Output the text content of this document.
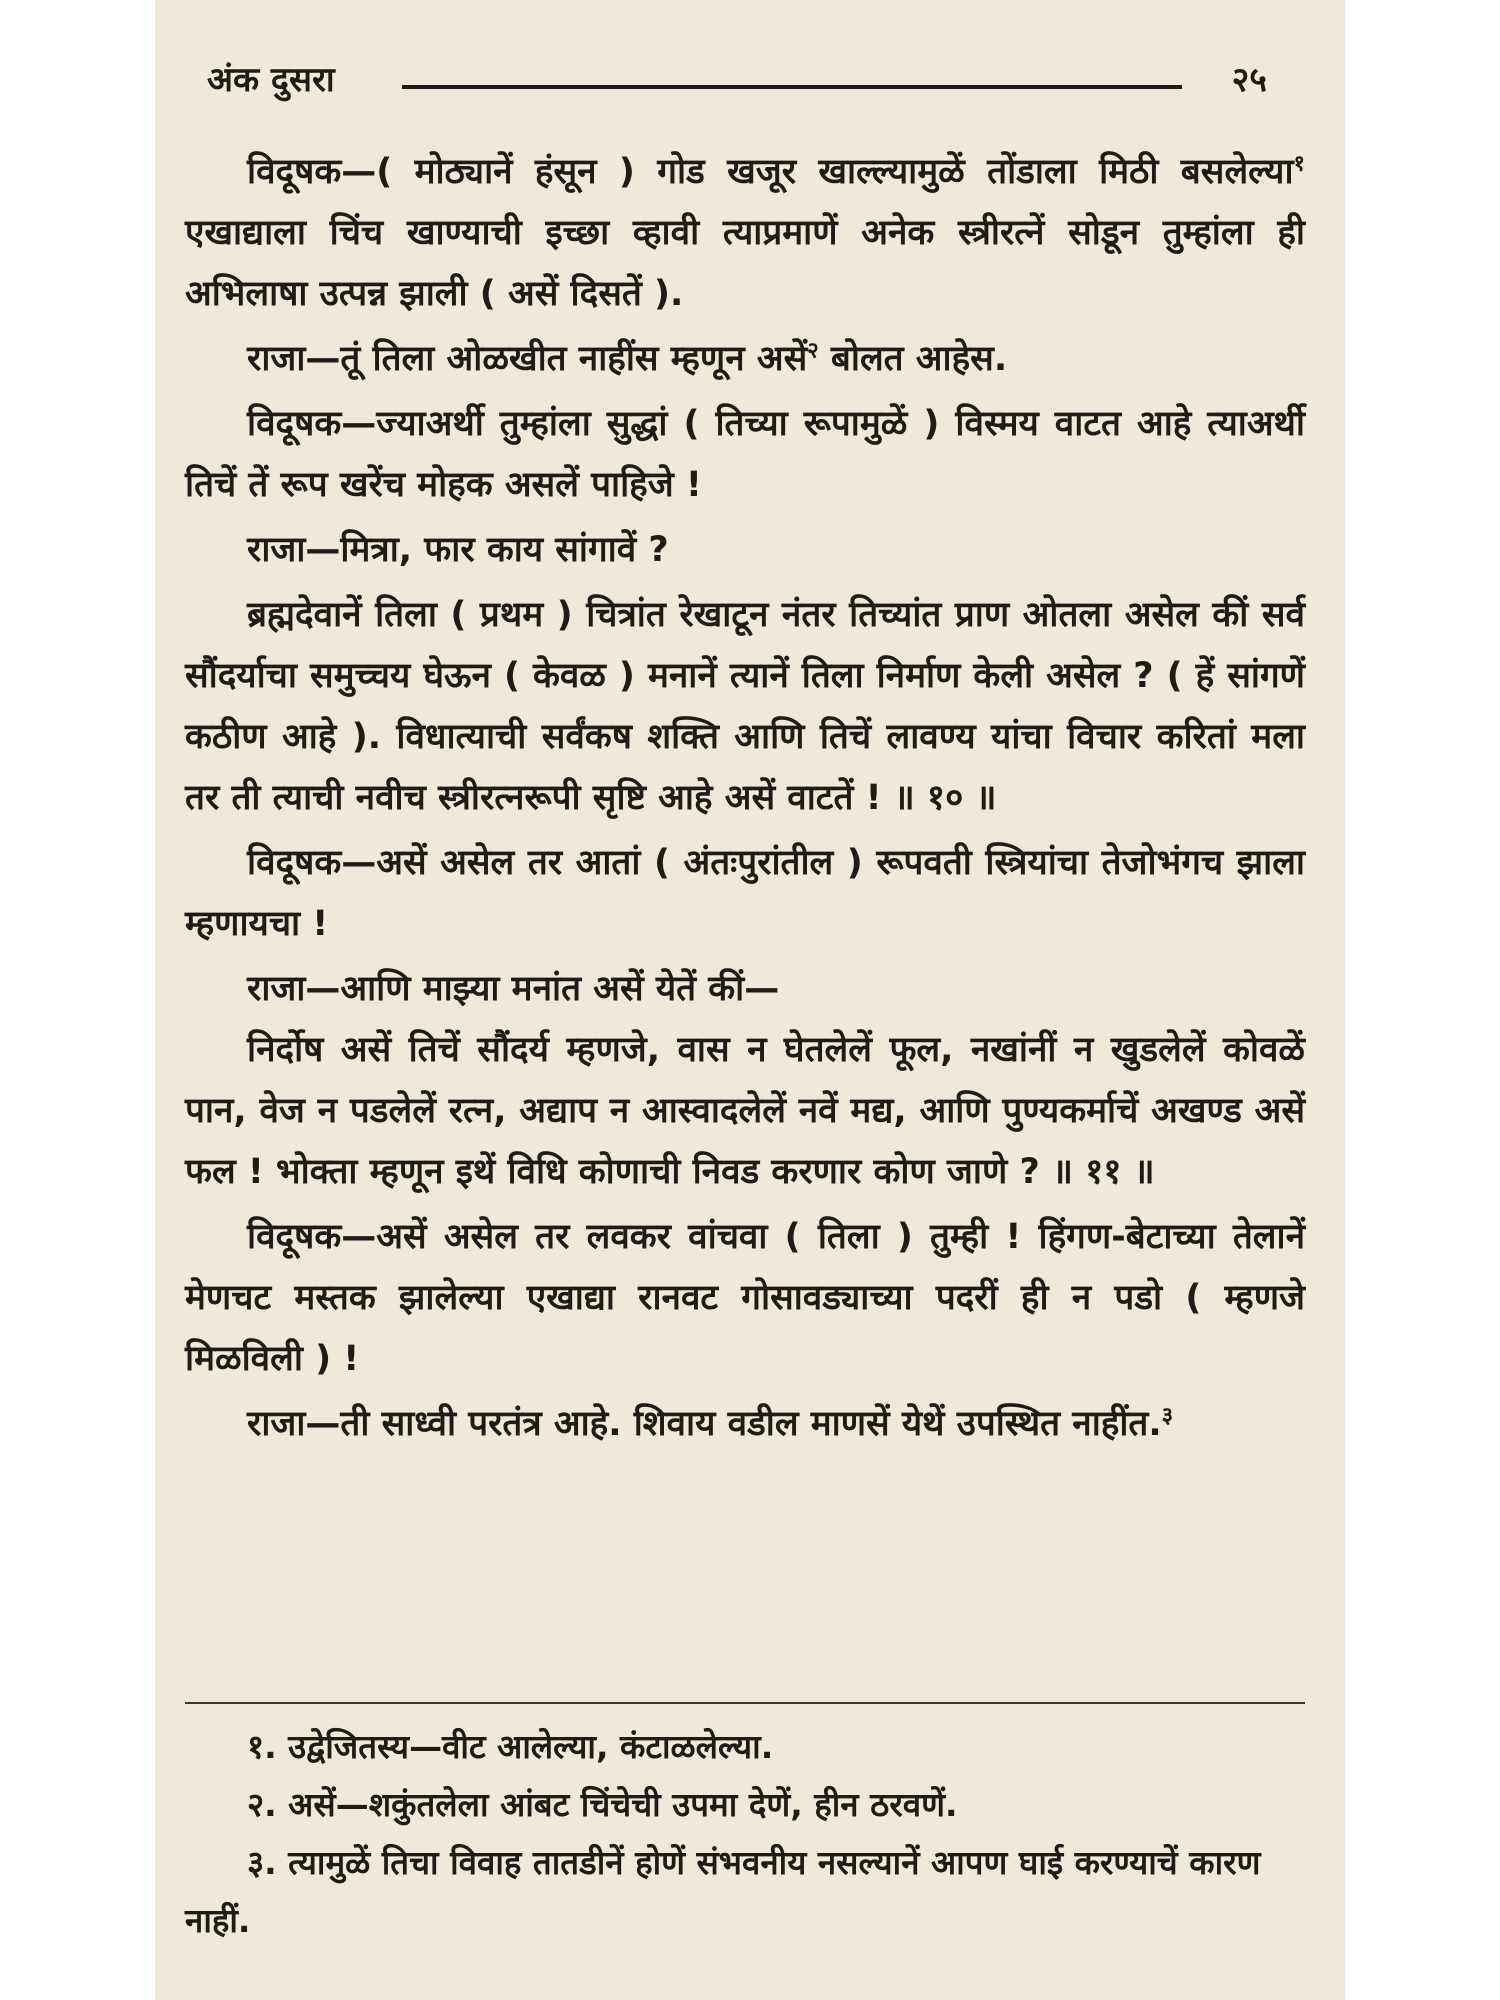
अंक दुसरा	२५

विदूषक—( मोठ्यानें हंसून ) गोड खजूर खाल्ल्यामुळें तोंडाला मिठी बसलेल्या$^१$ एखाद्याला चिंच खाण्याची इच्छा व्हावी त्याप्रमाणें अनेक स्त्रीरत्नें सोडून तुम्हांला ही अभिलाषा उत्पन्न झाली ( असें दिसतें ).

राजा—तूं तिला ओळखीत नाहींस म्हणून असें$^२$ बोलत आहेस.

विदूषक—ज्याअर्थी तुम्हांला सुद्धां ( तिच्या रूपामुळें ) विस्मय वाटत आहे त्याअर्थी तिचें तें रूप खरेंच मोहक असलें पाहिजे !

राजा—मित्रा, फार काय सांगावें ?

ब्रह्मदेवानें तिला ( प्रथम ) चित्रांत रेखाटून नंतर तिच्यांत प्राण ओतला असेल कीं सर्व सौंदर्याचा समुच्चय घेऊन ( केवळ ) मनानें त्यानें तिला निर्माण केली असेल ? ( हें सांगणें कठीण आहे ). विधात्याची सर्वंकष शक्ति आणि तिचें लावण्य यांचा विचार करितां मला तर ती त्याची नवीच स्त्रीरत्नरूपी सृष्टि आहे असें वाटतें ! ॥ १० ॥

विदूषक—असें असेल तर आतां ( अंतःपुरांतील ) रूपवती स्त्रियांचा तेजोभंगच झाला म्हणायचा !

राजा—आणि माझ्या मनांत असें येतें कीं—

निर्दोष असें तिचें सौंदर्य म्हणजे, वास न घेतलेलें फूल, नखांनीं न खुडलेलें कोवळें पान, वेज न पडलेलें रत्न, अद्याप न आस्वादलेलें नवें मद्य, आणि पुण्यकर्माचें अखण्ड असें फल ! भोक्ता म्हणून इथें विधि कोणाची निवड करणार कोण जाणे ? ॥ ११ ॥

विदूषक—असें असेल तर लवकर वांचवा ( तिला ) तुम्ही ! हिंगण-बेटाच्या तेलानें मेणचट मस्तक झालेल्या एखाद्या रानवट गोसावड्याच्या पदरीं ही न पडो ( म्हणजे मिळविली ) !

राजा—ती साध्वी परतंत्र आहे. शिवाय वडील माणसें येथें उपस्थित नाहींत.$^३$

१. उद्वेजितस्य—वीट आलेल्या, कंटाळलेल्या.

२. असें—शकुंतलेला आंबट चिंचेची उपमा देणें, हीन ठरवणें.

३. त्यामुळें तिचा विवाह तातडीनें होणें संभवनीय नसल्यानें आपण घाई करण्याचें कारण नाहीं.
